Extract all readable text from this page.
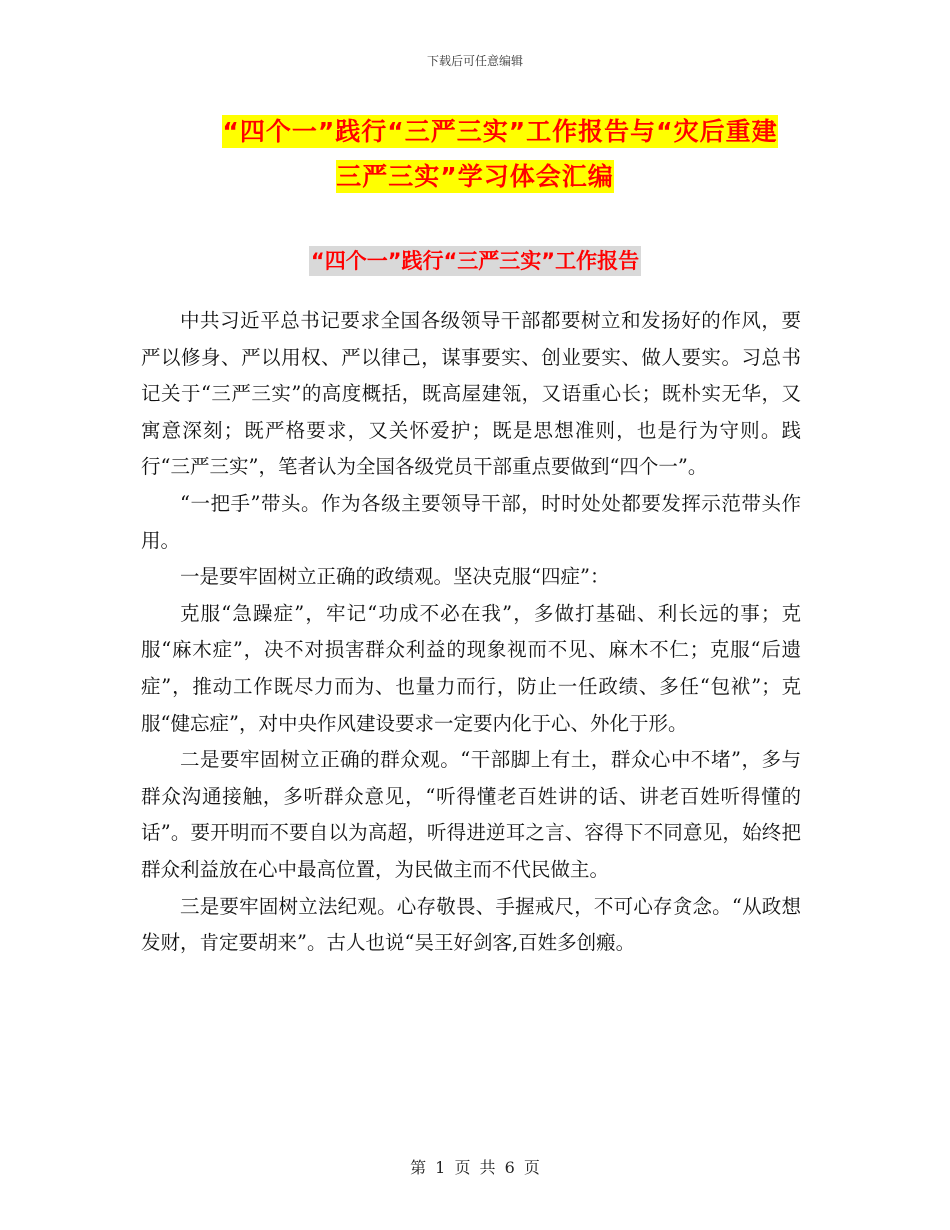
下载后可任意编辑
“四个一”践行“三严三实”工作报告与“灾后重建
三严三实”学习体会汇编
“四个一”践行“三严三实”工作报告

中共习近平总书记要求全国各级领导干部都要树立和发扬好的作风，要严以修身、严以用权、严以律己，谋事要实、创业要实、做人要实。习总书记关于“三严三实”的高度概括，既高屋建瓴，又语重心长；既朴实无华，又寓意深刻；既严格要求，又关怀爱护；既是思想准则，也是行为守则。践行“三严三实”，笔者认为全国各级党员干部重点要做到“四个一”。

“一把手”带头。作为各级主要领导干部，时时处处都要发挥示范带头作用。

一是要牢固树立正确的政绩观。坚决克服“四症”：

克服“急躁症”，牢记“功成不必在我”，多做打基础、利长远的事；克服“麻木症”，决不对损害群众利益的现象视而不见、麻木不仁；克服“后遗症”，推动工作既尽力而为、也量力而行，防止一任政绩、多任“包袱”；克服“健忘症”，对中央作风建设要求一定要内化于心、外化于形。

二是要牢固树立正确的群众观。“干部脚上有土，群众心中不堵”，多与群众沟通接触，多听群众意见，“听得懂老百姓讲的话、讲老百姓听得懂的话”。要开明而不要自以为高超，听得进逆耳之言、容得下不同意见，始终把群众利益放在心中最高位置，为民做主而不代民做主。

三是要牢固树立法纪观。心存敬畏、手握戒尺，不可心存贪念。“从政想发财，肯定要胡来”。古人也说“吴王好剑客,百姓多创瘢。

第 1 页 共 6 页
